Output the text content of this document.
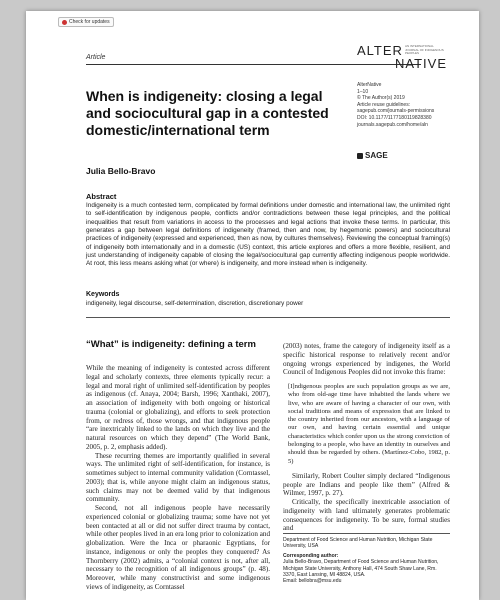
Check for updates
Article	ALTER AN INTERNATIONAL JOURNAL OF INDIGENOUS PEOPLES
NATIVE
AlterNative
1–10
© The Author(s) 2019
Article reuse guidelines:
sagepub.com/journals-permissions
DOI: 10.1177/1177180119828380
journals.sagepub.com/home/aln
SAGE
When is indigeneity: closing a legal and sociocultural gap in a contested domestic/international term
Julia Bello-Bravo
Abstract
Indigeneity is a much contested term, complicated by formal definitions under domestic and international law, the unlimited right to self-identification by indigenous people, conflicts and/or contradictions between these legal principles, and the political inequalities that result from variations in access to the processes and legal actions that invoke these terms. In particular, this generates a gap between legal definitions of indigeneity (framed, then and now, by hegemonic powers) and sociocultural practices of indigeneity (expressed and experienced, then as now, by cultures themselves). Reviewing the conceptual framing(s) of indigeneity both internationally and in a domestic (US) context, this article explores and offers a more flexible, resilient, and just understanding of indigeneity capable of closing the legal/sociocultural gap currently affecting indigenous people worldwide. At root, this less means asking what (or where) is indigeneity, and more instead when is indigeneity.
Keywords
indigeneity, legal discourse, self-determination, discretion, discretionary power
“What” is indigeneity: defining a term

While the meaning of indigeneity is contested across different legal and scholarly contexts, three elements typically recur: a legal and moral right of unlimited self-identification by peoples as indigenous (cf. Anaya, 2004; Barsh, 1996; Xanthaki, 2007), an association of indigeneity with both ongoing or historical trauma (colonial or globalizing), and efforts to seek protection from, or redress of, those wrongs, and that indigenous people “are inextricably linked to the lands on which they live and the natural resources on which they depend” (The World Bank, 2005, p. 2, emphasis added).

These recurring themes are importantly qualified in several ways. The unlimited right of self-identification, for instance, is sometimes subject to internal community validation (Corntassel, 2003); that is, while anyone might claim an indigenous status, such claims may not be deemed valid by that indigenous community.

Second, not all indigenous people have necessarily experienced colonial or globalizing trauma; some have not yet been contacted at all or did not suffer direct trauma by contact, while other peoples lived in an era long prior to colonization and globalization. Were the Inca or pharaonic Egyptians, for instance, indigenous or only the peoples they conquered? As Thornberry (2002) admits, a “colonial context is not, after all, necessary to the recognition of all indigenous groups” (p. 48). Moreover, while many constructivist and some indigenous views of indigeneity, as Corntassel

(2003) notes, frame the category of indigeneity itself as a specific historical response to relatively recent and/or ongoing wrongs experienced by indigenes, the World Council of Indigenous Peoples did not invoke this frame:

[I]ndigenous peoples are such population groups as we are, who from old-age time have inhabited the lands where we live, who are aware of having a character of our own, with social traditions and means of expression that are linked to the country inherited from our ancestors, with a language of our own, and having certain essential and unique characteristics which confer upon us the strong conviction of belonging to a people, who have an identity in ourselves and should thus be regarded by others. (Martínez-Cobo, 1982, p. 5)

Similarly, Robert Coulter simply declared “Indigenous people are Indians and people like them” (Alfred & Wilmer, 1997, p. 27).

Critically, the specifically inextricable association of indigeneity with land ultimately generates problematic consequences for indigeneity. To be sure, formal studies and

Department of Food Science and Human Nutrition, Michigan State University, USA

Corresponding author:

Julia Bello-Bravo, Department of Food Science and Human Nutrition, Michigan State University, Anthony Hall, 474 South Shaw Lane, Rm. 3370, East Lansing, MI 48824, USA.

Email: bellobra@msu.edu
